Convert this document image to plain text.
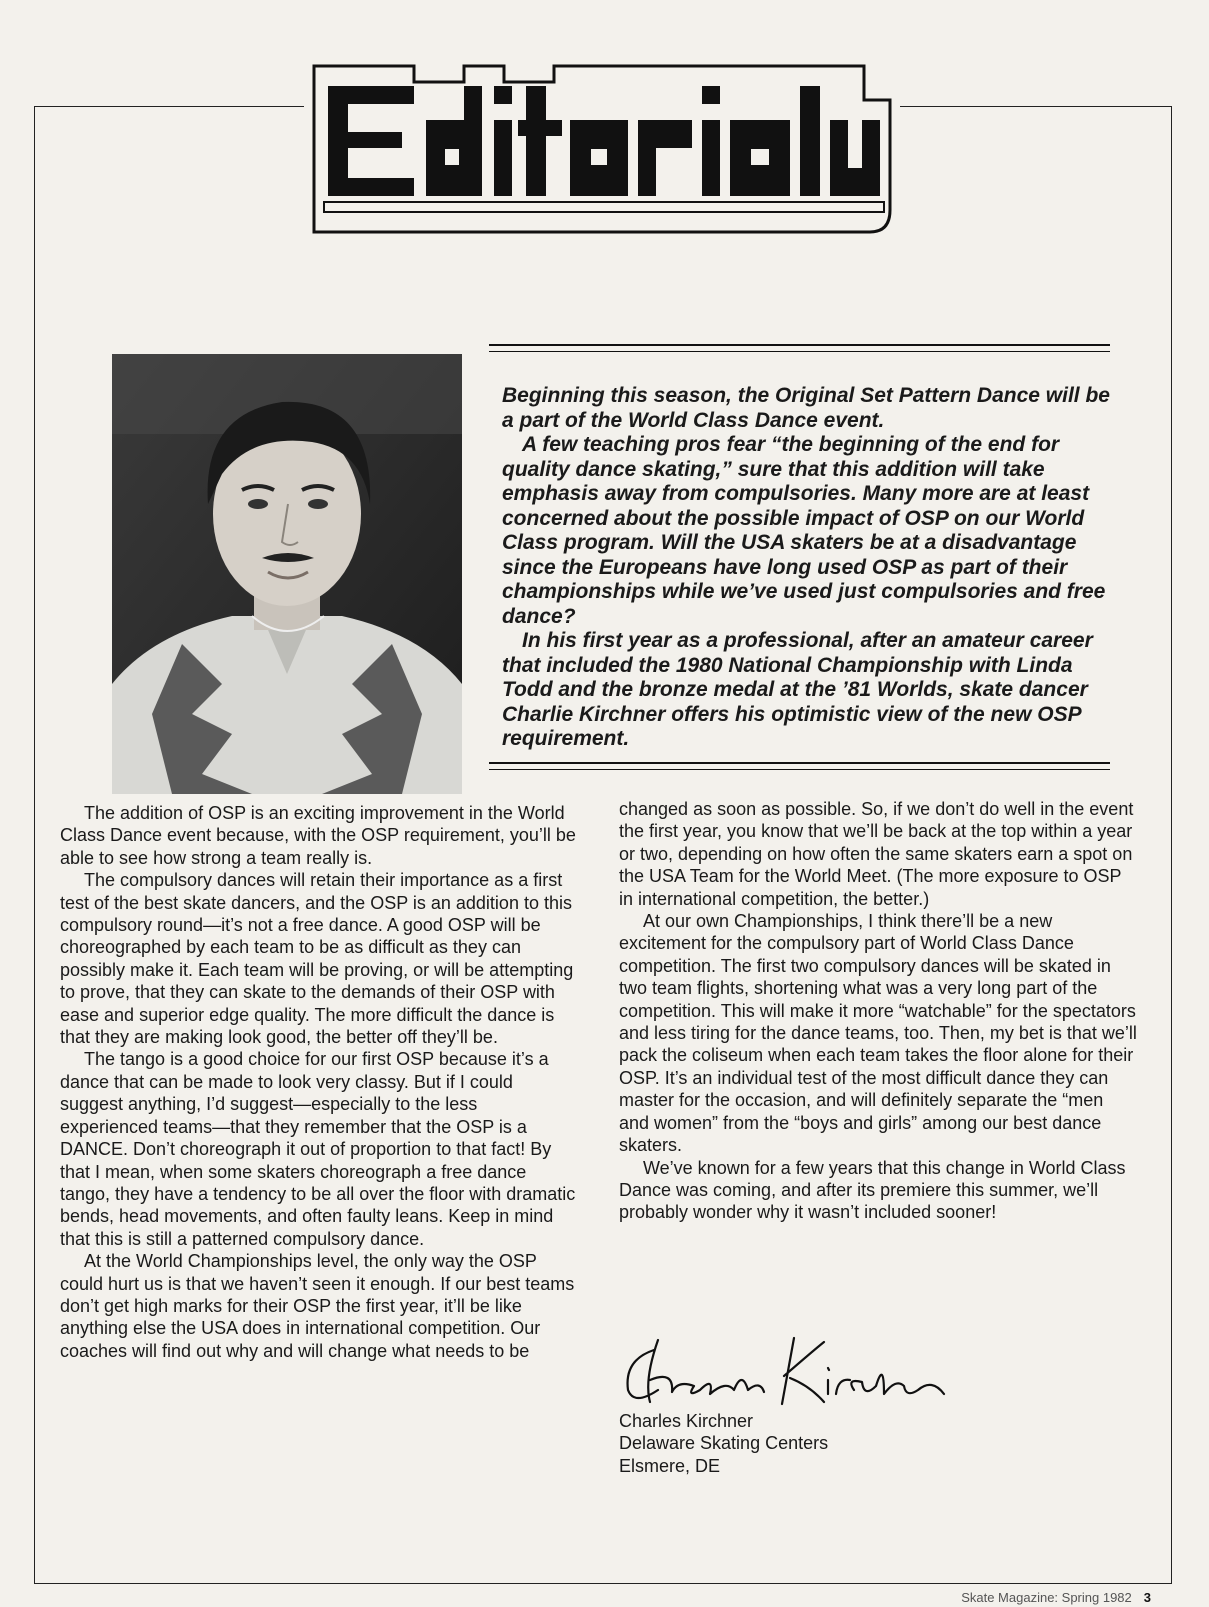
Beginning this season, the Original Set Pattern Dance will be a part of the World Class Dance event.

A few teaching pros fear “the beginning of the end for quality dance skating,” sure that this addition will take emphasis away from compulsories. Many more are at least concerned about the possible impact of OSP on our World Class program. Will the USA skaters be at a disadvantage since the Europeans have long used OSP as part of their championships while we’ve used just compulsories and free dance?

In his first year as a professional, after an amateur career that included the 1980 National Championship with Linda Todd and the bronze medal at the ’81 Worlds, skate dancer Charlie Kirchner offers his optimistic view of the new OSP requirement.

The addition of OSP is an exciting improvement in the World Class Dance event because, with the OSP requirement, you’ll be able to see how strong a team really is.

The compulsory dances will retain their importance as a first test of the best skate dancers, and the OSP is an addition to this compulsory round—it’s not a free dance. A good OSP will be choreographed by each team to be as difficult as they can possibly make it. Each team will be proving, or will be attempting to prove, that they can skate to the demands of their OSP with ease and superior edge quality. The more difficult the dance is that they are making look good, the better off they’ll be.

The tango is a good choice for our first OSP because it’s a dance that can be made to look very classy. But if I could suggest anything, I’d suggest—especially to the less experienced teams—that they remember that the OSP is a DANCE. Don’t choreograph it out of proportion to that fact! By that I mean, when some skaters choreograph a free dance tango, they have a tendency to be all over the floor with dramatic bends, head movements, and often faulty leans. Keep in mind that this is still a patterned compulsory dance.

At the World Championships level, the only way the OSP could hurt us is that we haven’t seen it enough. If our best teams don’t get high marks for their OSP the first year, it’ll be like anything else the USA does in international competition. Our coaches will find out why and will change what needs to be

changed as soon as possible. So, if we don’t do well in the event the first year, you know that we’ll be back at the top within a year or two, depending on how often the same skaters earn a spot on the USA Team for the World Meet. (The more exposure to OSP in international competition, the better.)

At our own Championships, I think there’ll be a new excitement for the compulsory part of World Class Dance competition. The first two compulsory dances will be skated in two team flights, shortening what was a very long part of the competition. This will make it more “watchable” for the spectators and less tiring for the dance teams, too. Then, my bet is that we’ll pack the coliseum when each team takes the floor alone for their OSP. It’s an individual test of the most difficult dance they can master for the occasion, and will definitely separate the “men and women” from the “boys and girls” among our best dance skaters.

We’ve known for a few years that this change in World Class Dance was coming, and after its premiere this summer, we’ll probably wonder why it wasn’t included sooner!

Charles Kirchner
Delaware Skating Centers
Elsmere, DE
Skate Magazine: Spring 1982 3
